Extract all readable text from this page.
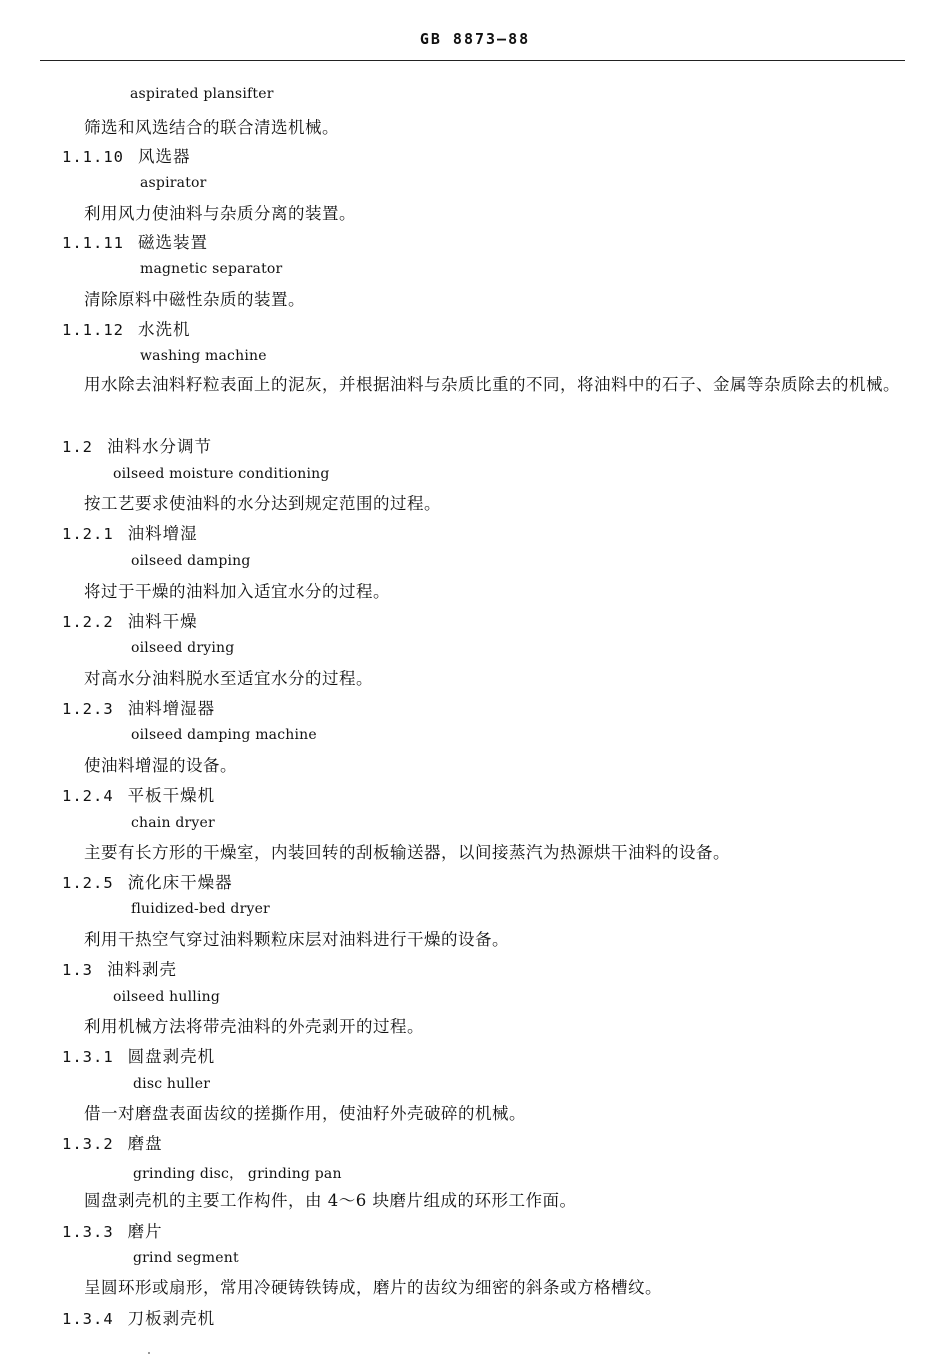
GB 8873—88
aspirated plansifter
筛选和风选结合的联合清选机械。
1.1.10 风选器
aspirator
利用风力使油料与杂质分离的装置。
1.1.11 磁选装置
magnetic separator
清除原料中磁性杂质的装置。
1.1.12 水洗机
washing machine
用水除去油料籽粒表面上的泥灰，并根据油料与杂质比重的不同，将油料中的石子、金属等杂质除去的机械。
1.2 油料水分调节
oilseed moisture conditioning
按工艺要求使油料的水分达到规定范围的过程。
1.2.1 油料增湿
oilseed damping
将过于干燥的油料加入适宜水分的过程。
1.2.2 油料干燥
oilseed drying
对高水分油料脱水至适宜水分的过程。
1.2.3 油料增湿器
oilseed damping machine
使油料增湿的设备。
1.2.4 平板干燥机
chain dryer
主要有长方形的干燥室，内装回转的刮板输送器，以间接蒸汽为热源烘干油料的设备。
1.2.5 流化床干燥器
fluidized-bed dryer
利用干热空气穿过油料颗粒床层对油料进行干燥的设备。
1.3 油料剥壳
oilseed hulling
利用机械方法将带壳油料的外壳剥开的过程。
1.3.1 圆盘剥壳机
disc huller
借一对磨盘表面齿纹的搓撕作用，使油籽外壳破碎的机械。
1.3.2 磨盘
grinding disc， grinding pan
圆盘剥壳机的主要工作构件，由 4～6 块磨片组成的环形工作面。
1.3.3 磨片
grind segment
呈圆环形或扇形，常用冷硬铸铁铸成，磨片的齿纹为细密的斜条或方格槽纹。
1.3.4 刀板剥壳机
